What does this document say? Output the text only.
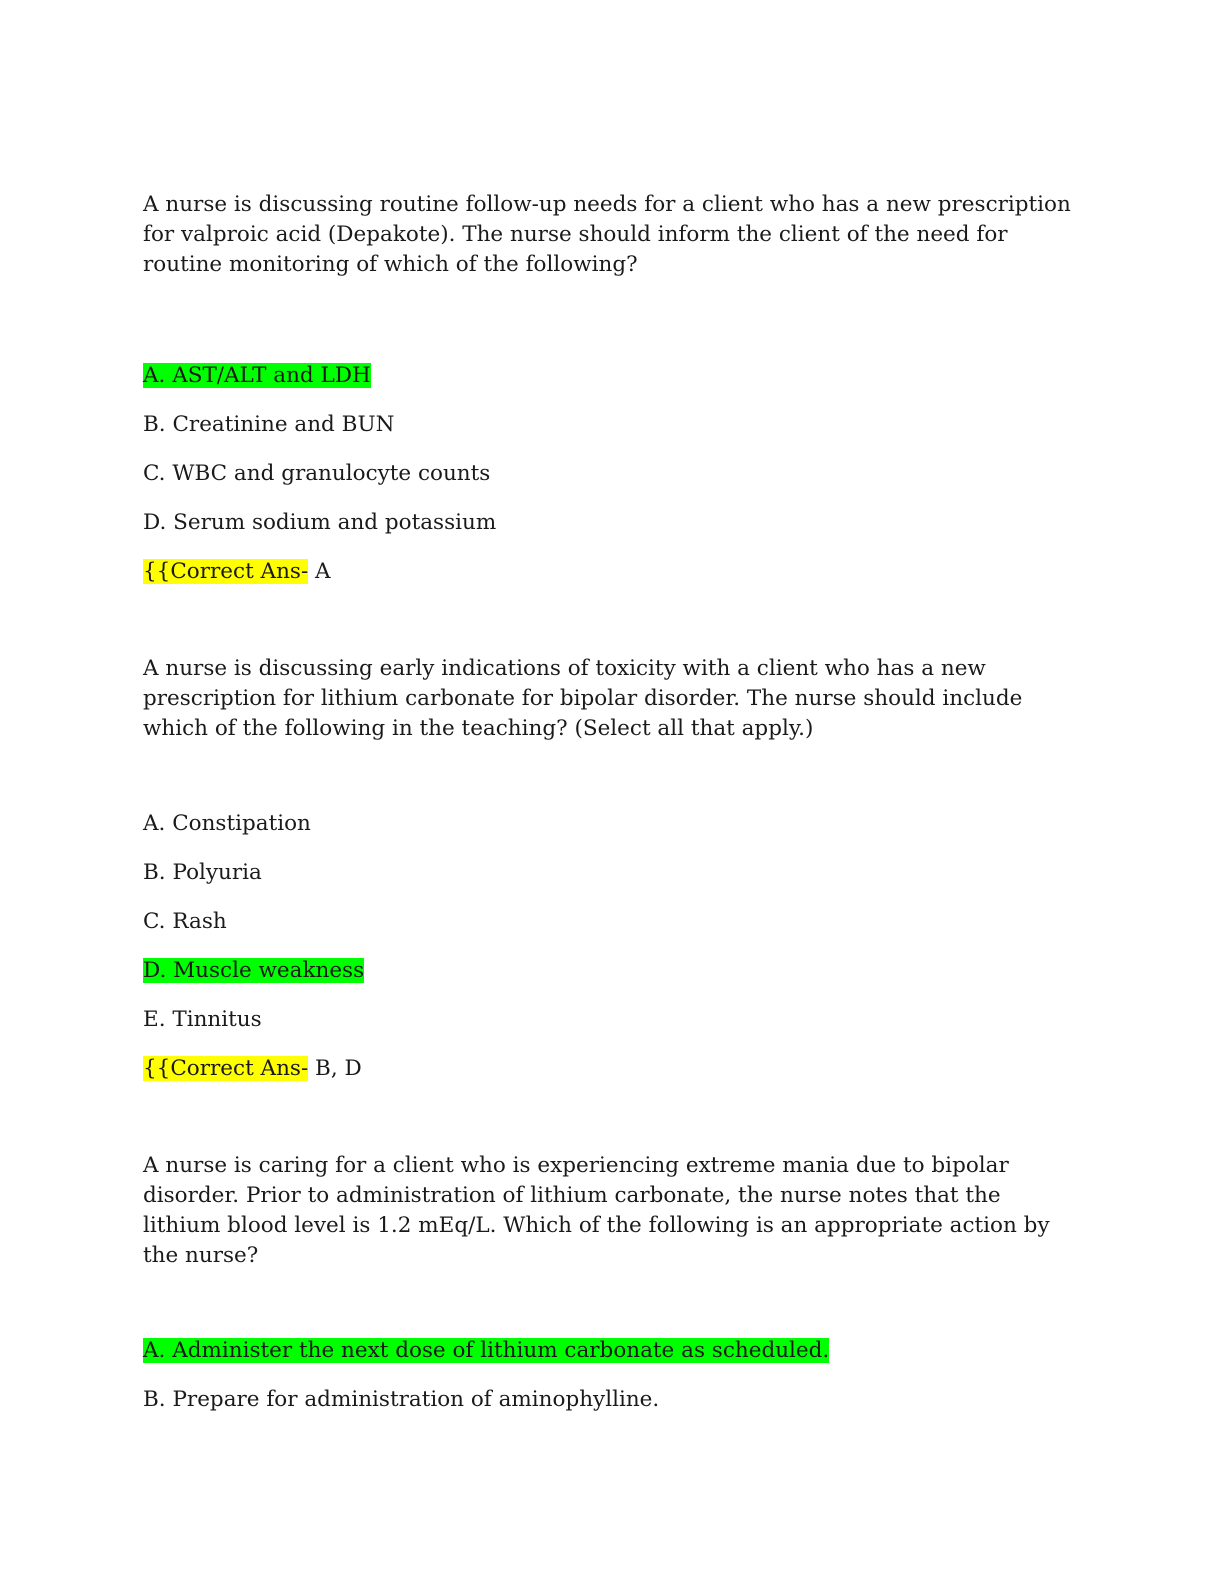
A nurse is discussing routine follow-up needs for a client who has a new prescription for valproic acid (Depakote). The nurse should inform the client of the need for routine monitoring of which of the following?

A. AST/ALT and LDH

B. Creatinine and BUN

C. WBC and granulocyte counts

D. Serum sodium and potassium

{{Correct Ans- A

A nurse is discussing early indications of toxicity with a client who has a new prescription for lithium carbonate for bipolar disorder. The nurse should include which of the following in the teaching? (Select all that apply.)

A. Constipation

B. Polyuria

C. Rash

D. Muscle weakness

E. Tinnitus

{{Correct Ans- B, D

A nurse is caring for a client who is experiencing extreme mania due to bipolar disorder. Prior to administration of lithium carbonate, the nurse notes that the lithium blood level is 1.2 mEq/L. Which of the following is an appropriate action by the nurse?

A. Administer the next dose of lithium carbonate as scheduled.

B. Prepare for administration of aminophylline.
